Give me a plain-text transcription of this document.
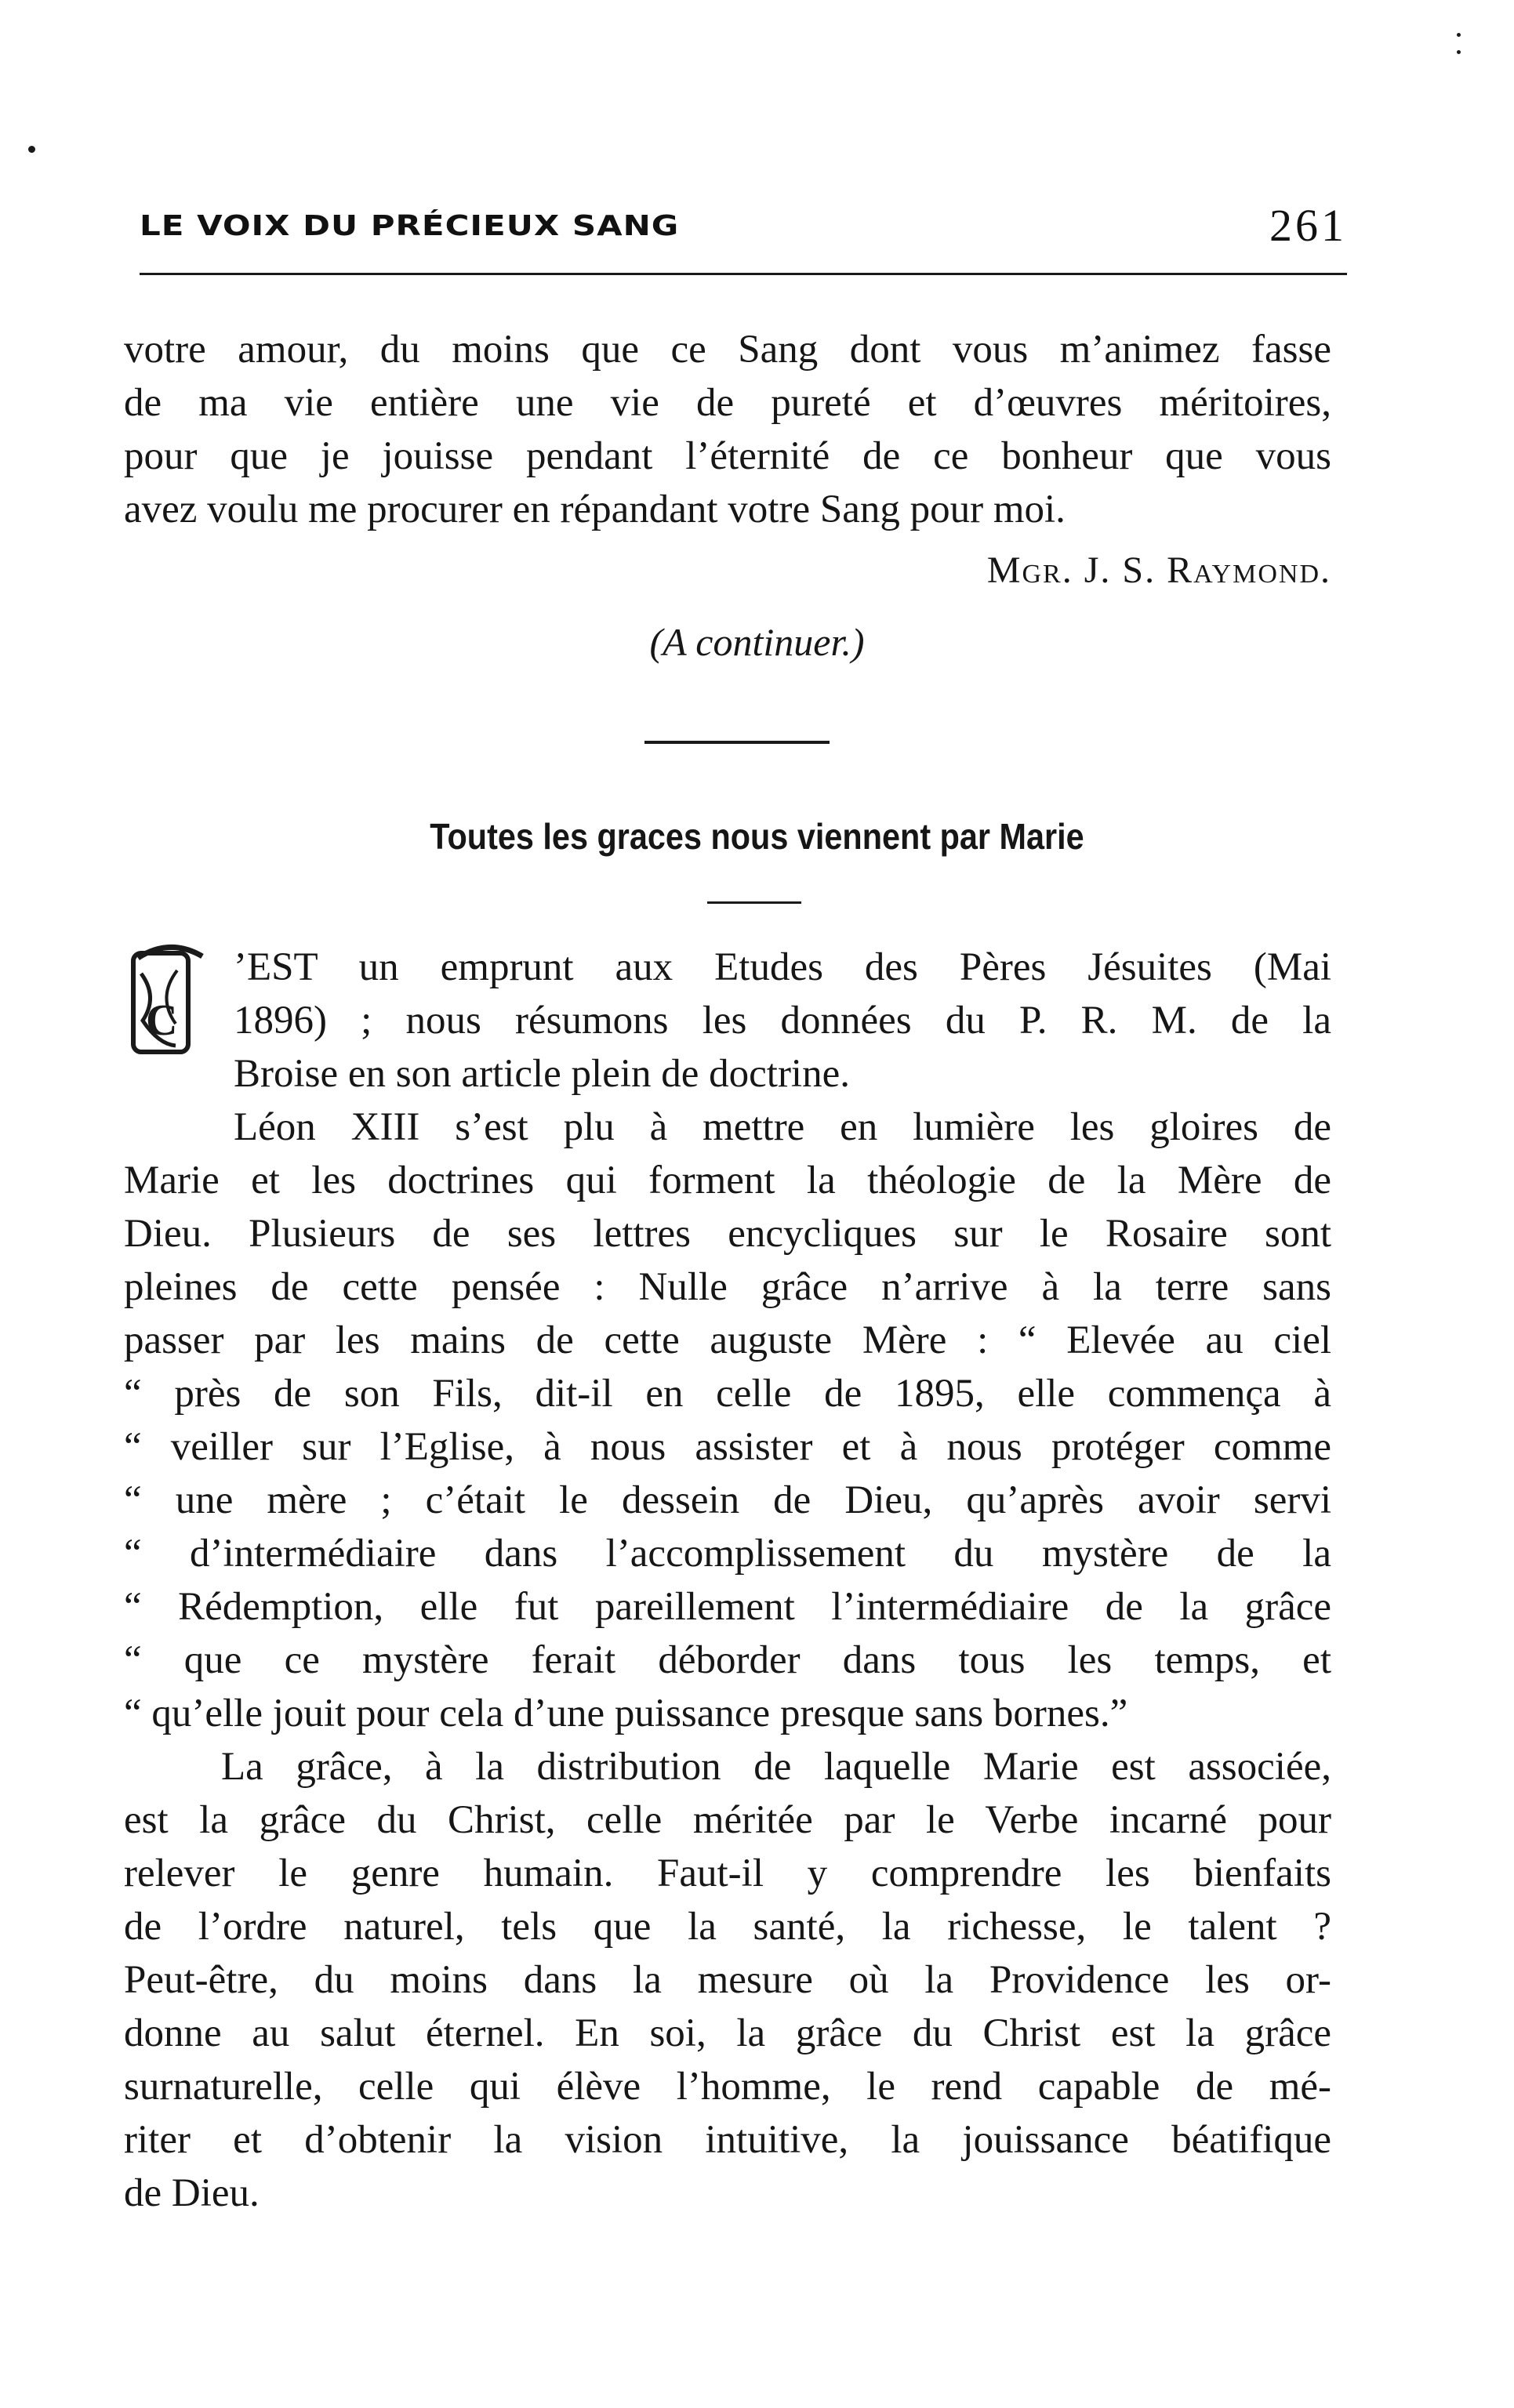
LE VOIX DU PRÉCIEUX SANG	261
votre amour, du moins que ce Sang dont vous m’animez fasse
de ma vie entière une vie de pureté et d’œuvres méritoires,
pour que je jouisse pendant l’éternité de ce bonheur que vous
avez voulu me procurer en répandant votre Sang pour moi.
Mgr. J. S. Raymond.
(A continuer.)
Toutes les graces nous viennent par Marie
C
’EST un emprunt aux Etudes des Pères Jésuites (Mai
1896) ; nous résumons les données du P. R. M. de la
Broise en son article plein de doctrine.
Léon XIII s’est plu à mettre en lumière les gloires de
Marie et les doctrines qui forment la théologie de la Mère de
Dieu. Plusieurs de ses lettres encycliques sur le Rosaire sont
pleines de cette pensée : Nulle grâce n’arrive à la terre sans
passer par les mains de cette auguste Mère : “ Elevée au ciel
“ près de son Fils, dit-il en celle de 1895, elle commença à
“ veiller sur l’Eglise, à nous assister et à nous protéger comme
“ une mère ; c’était le dessein de Dieu, qu’après avoir servi
“ d’intermédiaire dans l’accomplissement du mystère de la
“ Rédemption, elle fut pareillement l’intermédiaire de la grâce
“ que ce mystère ferait déborder dans tous les temps, et
“ qu’elle jouit pour cela d’une puissance presque sans bornes.”
La grâce, à la distribution de laquelle Marie est associée,
est la grâce du Christ, celle méritée par le Verbe incarné pour
relever le genre humain. Faut-il y comprendre les bienfaits
de l’ordre naturel, tels que la santé, la richesse, le talent ?
Peut-être, du moins dans la mesure où la Providence les or-
donne au salut éternel. En soi, la grâce du Christ est la grâce
surnaturelle, celle qui élève l’homme, le rend capable de mé-
riter et d’obtenir la vision intuitive, la jouissance béatifique
de Dieu.
